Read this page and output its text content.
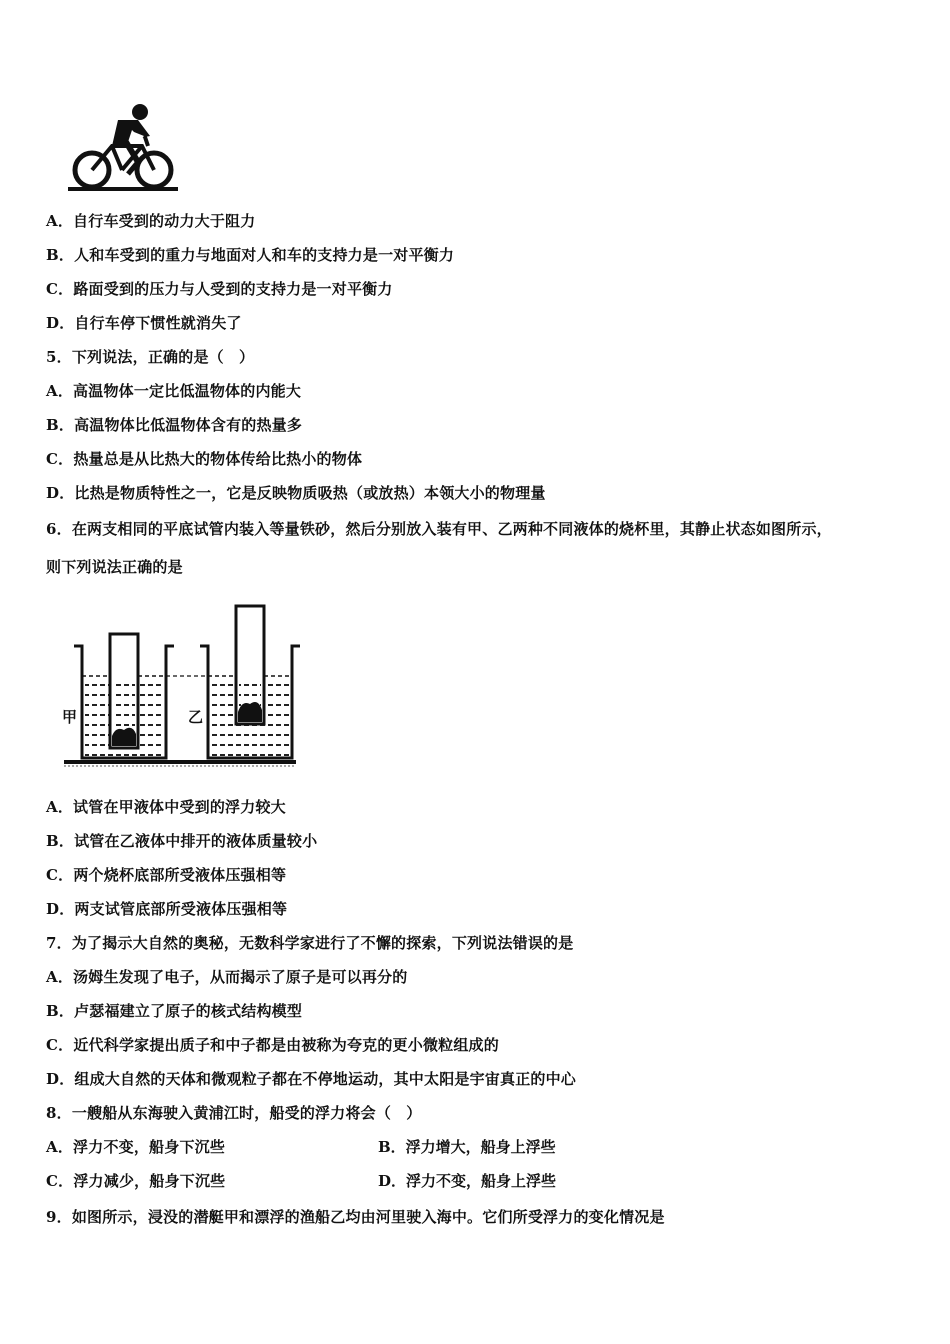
A．自行车受到的动力大于阻力
B．人和车受到的重力与地面对人和车的支持力是一对平衡力
C．路面受到的压力与人受到的支持力是一对平衡力
D．自行车停下惯性就消失了
5．下列说法，正确的是（　）
A．高温物体一定比低温物体的内能大
B．高温物体比低温物体含有的热量多
C．热量总是从比热大的物体传给比热小的物体
D．比热是物质特性之一，它是反映物质吸热（或放热）本领大小的物理量
6．在两支相同的平底试管内装入等量铁砂，然后分别放入装有甲、乙两种不同液体的烧杯里，其静止状态如图所示，
则下列说法正确的是
甲	乙
A．试管在甲液体中受到的浮力较大
B．试管在乙液体中排开的液体质量较小
C．两个烧杯底部所受液体压强相等
D．两支试管底部所受液体压强相等
7．为了揭示大自然的奥秘，无数科学家进行了不懈的探索，下列说法错误的是
A．汤姆生发现了电子，从而揭示了原子是可以再分的
B．卢瑟福建立了原子的核式结构模型
C．近代科学家提出质子和中子都是由被称为夸克的更小微粒组成的
D．组成大自然的天体和微观粒子都在不停地运动，其中太阳是宇宙真正的中心
8．一艘船从东海驶入黄浦江时，船受的浮力将会（　）
A．浮力不变，船身下沉些	B．浮力增大，船身上浮些
C．浮力减少，船身下沉些	D．浮力不变，船身上浮些
9．如图所示，浸没的潜艇甲和漂浮的渔船乙均由河里驶入海中。它们所受浮力的变化情况是
